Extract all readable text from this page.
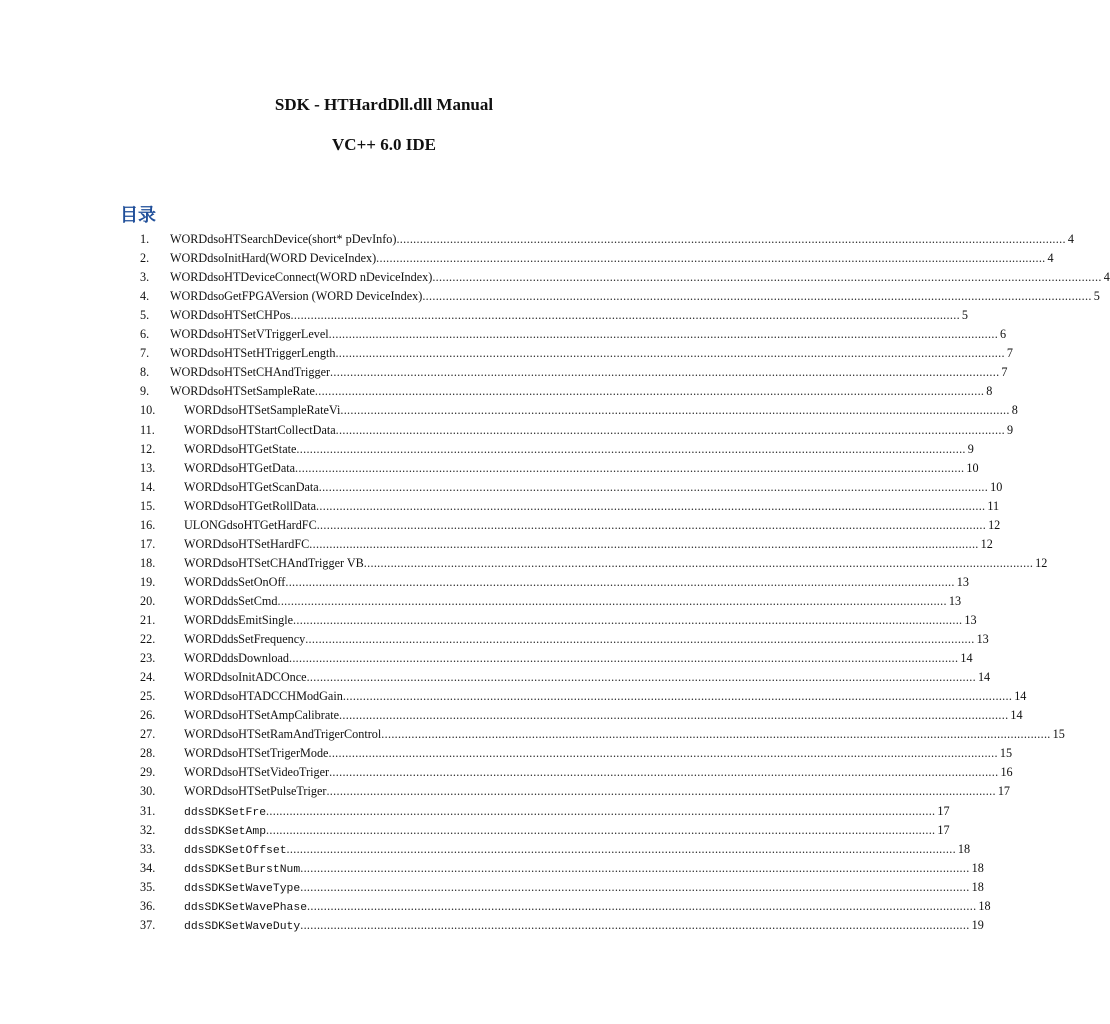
SDK - HTHardDll.dll Manual
VC++ 6.0 IDE
目录
1. WORD dsoHTSearchDevice(short* pDevInfo) ........................................................................................................................................................................................................ 4
2. WORD dsoInitHard(WORD DeviceIndex) ........................................................................................................................................................................................................ 4
3. WORD dsoHTDeviceConnect(WORD nDeviceIndex) ........................................................................................................................................................................................................ 4
4. WORD dsoGetFPGAVersion (WORD DeviceIndex) ........................................................................................................................................................................................................ 5
5. WORD dsoHTSetCHPos ........................................................................................................................................................................................................ 5
6. WORD dsoHTSetVTriggerLevel ........................................................................................................................................................................................................ 6
7. WORD dsoHTSetHTriggerLength ........................................................................................................................................................................................................ 7
8. WORD dsoHTSetCHAndTrigger ........................................................................................................................................................................................................ 7
9. WORD dsoHTSetSampleRate ........................................................................................................................................................................................................ 8
10. WORD dsoHTSetSampleRateVi ........................................................................................................................................................................................................ 8
11. WORD dsoHTStartCollectData ........................................................................................................................................................................................................ 9
12. WORD dsoHTGetState ........................................................................................................................................................................................................ 9
13. WORD dsoHTGetData ........................................................................................................................................................................................................ 10
14. WORD dsoHTGetScanData ........................................................................................................................................................................................................ 10
15. WORD dsoHTGetRollData ........................................................................................................................................................................................................ 11
16. ULONG dsoHTGetHardFC ........................................................................................................................................................................................................ 12
17. WORD dsoHTSetHardFC ........................................................................................................................................................................................................ 12
18. WORD dsoHTSetCHAndTrigger VB ........................................................................................................................................................................................................ 12
19. WORD ddsSetOnOff ........................................................................................................................................................................................................ 13
20. WORD ddsSetCmd ........................................................................................................................................................................................................ 13
21. WORD ddsEmitSingle ........................................................................................................................................................................................................ 13
22. WORD ddsSetFrequency ........................................................................................................................................................................................................ 13
23. WORD ddsDownload ........................................................................................................................................................................................................ 14
24. WORD dsoInitADCOnce ........................................................................................................................................................................................................ 14
25. WORD dsoHTADCCHModGain ........................................................................................................................................................................................................ 14
26. WORD dsoHTSetAmpCalibrate ........................................................................................................................................................................................................ 14
27. WORD dsoHTSetRamAndTrigerControl ........................................................................................................................................................................................................ 15
28. WORD dsoHTSetTrigerMode ........................................................................................................................................................................................................ 15
29. WORD dsoHTSetVideoTriger ........................................................................................................................................................................................................ 16
30. WORD dsoHTSetPulseTriger ........................................................................................................................................................................................................ 17
31.	ddsSDKSetFre ........................................................................................................................................................................................................ 17
32.	ddsSDKSetAmp ........................................................................................................................................................................................................ 17
33.	ddsSDKSetOffset ........................................................................................................................................................................................................ 18
34.	ddsSDKSetBurstNum ........................................................................................................................................................................................................ 18
35.	ddsSDKSetWaveType ........................................................................................................................................................................................................ 18
36.	ddsSDKSetWavePhase ........................................................................................................................................................................................................ 18
37.	ddsSDKSetWaveDuty ........................................................................................................................................................................................................ 19
